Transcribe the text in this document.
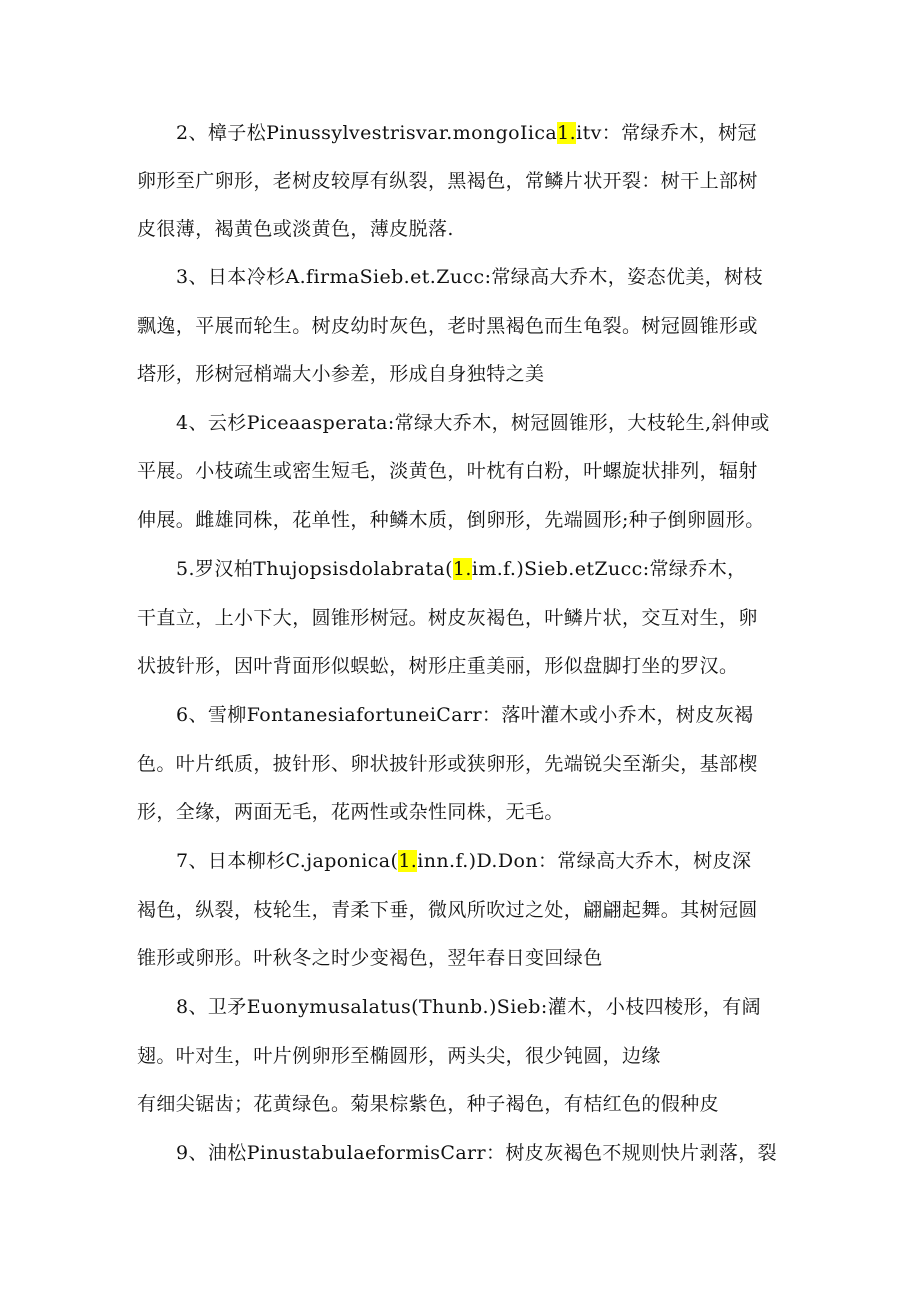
2、樟子松Pinussylvestrisvar.mongoIica1.itv：常绿乔木，树冠
卵形至广卵形，老树皮较厚有纵裂，黑褐色，常鳞片状开裂：树干上部树
皮很薄，褐黄色或淡黄色，薄皮脱落.
3、日本冷杉A.firmaSieb.et.Zucc:常绿高大乔木，姿态优美，树枝
飘逸，平展而轮生。树皮幼时灰色，老时黑褐色而生龟裂。树冠圆锥形或
塔形，形树冠梢端大小参差，形成自身独特之美
4、云杉Piceaasperata:常绿大乔木，树冠圆锥形，大枝轮生,斜伸或
平展。小枝疏生或密生短毛，淡黄色，叶枕有白粉，叶螺旋状排列，辐射
伸展。雌雄同株，花单性，种鳞木质，倒卵形，先端圆形;种子倒卵圆形。
5.罗汉柏Thujopsisdolabrata(1.im.f.)Sieb.etZucc:常绿乔木，
干直立，上小下大，圆锥形树冠。树皮灰褐色，叶鳞片状，交互对生，卵
状披针形，因叶背面形似蜈蚣，树形庄重美丽，形似盘脚打坐的罗汉。
6、雪柳FontanesiafortuneiCarr：落叶灌木或小乔木，树皮灰褐
色。叶片纸质，披针形、卵状披针形或狭卵形，先端锐尖至渐尖，基部楔
形，全缘，两面无毛，花两性或杂性同株，无毛。
7、日本柳杉C.japonica(1.inn.f.)D.Don：常绿高大乔木，树皮深
褐色，纵裂，枝轮生，青柔下垂，微风所吹过之处，翩翩起舞。其树冠圆
锥形或卵形。叶秋冬之时少变褐色，翌年春日变回绿色
8、卫矛Euonymusalatus(Thunb.)Sieb:灌木，小枝四棱形，有阔
翅。叶对生，叶片例卵形至椭圆形，两头尖，很少钝圆，边缘
有细尖锯齿；花黄绿色。菊果棕紫色，种子褐色，有桔红色的假种皮
9、油松PinustabulaeformisCarr：树皮灰褐色不规则快片剥落，裂
